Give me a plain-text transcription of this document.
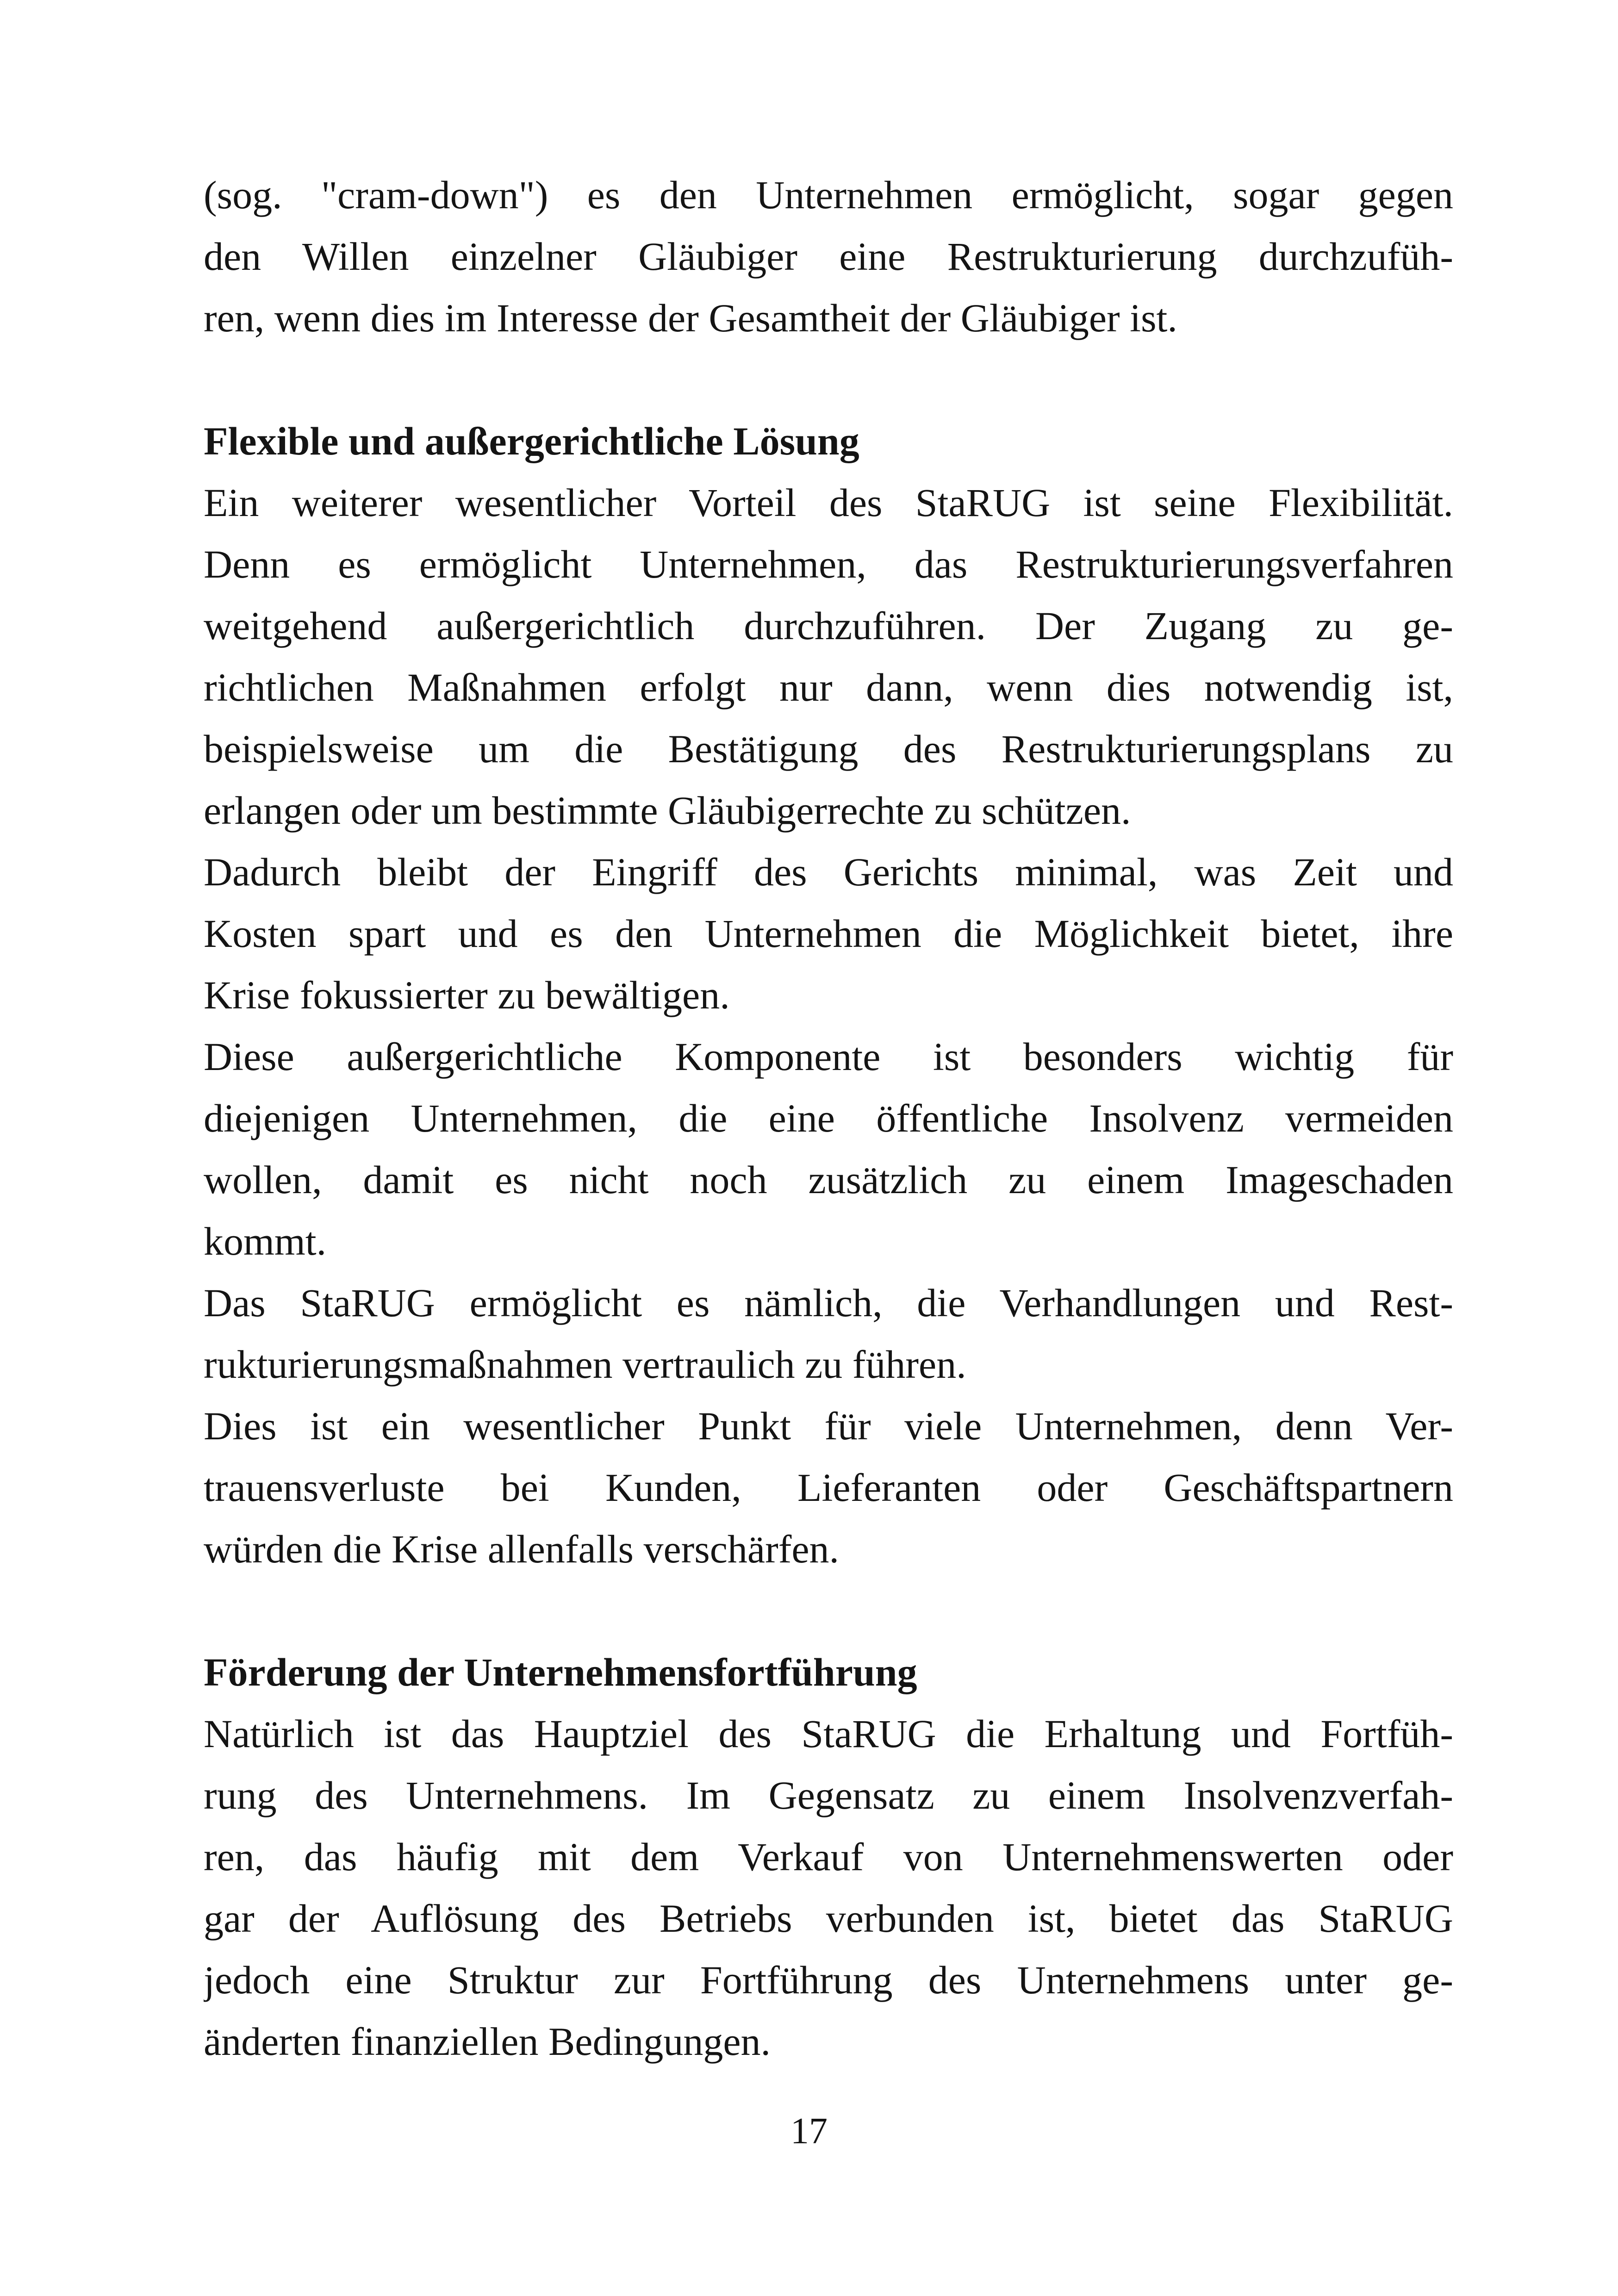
(sog. "cram-down") es den Unternehmen ermöglicht, sogar gegen
den Willen einzelner Gläubiger eine Restrukturierung durchzufüh-
ren, wenn dies im Interesse der Gesamtheit der Gläubiger ist.
Flexible und außergerichtliche Lösung
Ein weiterer wesentlicher Vorteil des StaRUG ist seine Flexibilität.
Denn es ermöglicht Unternehmen, das Restrukturierungsverfahren
weitgehend außergerichtlich durchzuführen. Der Zugang zu ge-
richtlichen Maßnahmen erfolgt nur dann, wenn dies notwendig ist,
beispielsweise um die Bestätigung des Restrukturierungsplans zu
erlangen oder um bestimmte Gläubigerrechte zu schützen.
Dadurch bleibt der Eingriff des Gerichts minimal, was Zeit und
Kosten spart und es den Unternehmen die Möglichkeit bietet, ihre
Krise fokussierter zu bewältigen.
Diese außergerichtliche Komponente ist besonders wichtig für
diejenigen Unternehmen, die eine öffentliche Insolvenz vermeiden
wollen, damit es nicht noch zusätzlich zu einem Imageschaden
kommt.
Das StaRUG ermöglicht es nämlich, die Verhandlungen und Rest-
rukturierungsmaßnahmen vertraulich zu führen.
Dies ist ein wesentlicher Punkt für viele Unternehmen, denn Ver-
trauensverluste bei Kunden, Lieferanten oder Geschäftspartnern
würden die Krise allenfalls verschärfen.
Förderung der Unternehmensfortführung
Natürlich ist das Hauptziel des StaRUG die Erhaltung und Fortfüh-
rung des Unternehmens. Im Gegensatz zu einem Insolvenzverfah-
ren, das häufig mit dem Verkauf von Unternehmenswerten oder
gar der Auflösung des Betriebs verbunden ist, bietet das StaRUG
jedoch eine Struktur zur Fortführung des Unternehmens unter ge-
änderten finanziellen Bedingungen.
17
